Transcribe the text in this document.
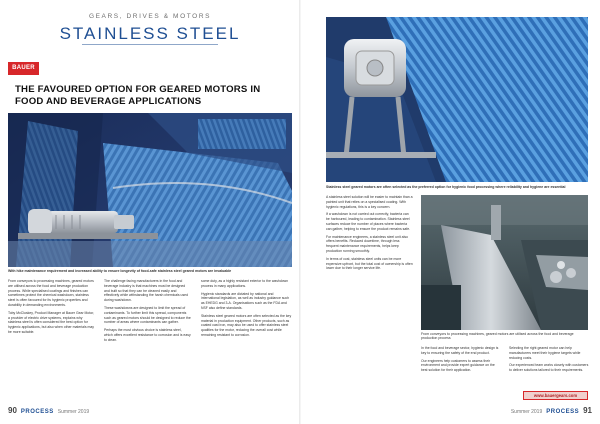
GEARS, DRIVES & MOTORS
STAINLESS STEEL
BAUER
THE FAVOURED OPTION FOR GEARED MOTORS IN FOOD AND BEVERAGE APPLICATIONS
With hike maintenance requirement and increased ability to ensure longevity of food-safe stainless steel geared motors are invaluable

From conveyors to processing machines, geared motors are utilised across the food and beverage production process. While specialised coatings and finishes can sometimes protect the chemical washdown, stainless steel is often favoured for its hygienic properties and durability in demanding environments.

Toby McCluskey, Product Manager at Bauer Gear Motor, a provider of electric drive systems, explains why stainless steel is often considered the best option for hygienic applications, but also when other materials may be more suitable.

The challenge facing manufacturers in the food and beverage industry is that machines must be designed and built so that they can be cleaned easily and effectively while withstanding the harsh chemicals used during washdown.

These washdowns are designed to limit the spread of contaminants. To further limit this spread, components such as geared motors should be designed to reduce the number of areas where contaminants can gather.

Perhaps the most obvious choice is stainless steel, which offers excellent resistance to corrosion and is easy to clean.

some duty, as a highly resistant exterior to the washdown process in many applications.

Hygienic standards are dictated by national and international legislation, as well as industry guidance such as EHEDG and 3-A. Organisations such as the FDA and NSF also define standards.

Stainless steel geared motors are often selected as the key material in production equipment. Other products, such as coated cast iron, may also be used to offer stainless steel qualities for the motor, reducing the overall cost while remaining resistant to corrosion.

90 PROCESS Summer 2019
Stainless steel geared motors are often selected as the preferred option for hygienic food processing where reliability and hygiene are essential

A stainless steel solution will be easier to maintain than a painted unit that relies on a specialised coating. With hygienic regulations, this is a key concern.

If a washdown is not carried out correctly, bacteria can be harboured, leading to contamination. Stainless steel surfaces reduce the number of places where bacteria can gather, helping to ensure the product remains safe.

For maintenance engineers, a stainless steel unit also offers benefits. Reduced downtime, through less frequent maintenance requirements, helps keep production running smoothly.

In terms of cost, stainless steel units can be more expensive upfront, but the total cost of ownership is often lower due to their longer service life.

From conveyors to processing machines, geared motors are utilised across the food and beverage production process

In the food and beverage sector, hygienic design is key to ensuring the safety of the end product.

Our engineers help customers to assess their environment and provide expert guidance on the best solution for their application.

Selecting the right geared motor can help manufacturers meet their hygiene targets while reducing costs.

Our experienced team works closely with customers to deliver solutions tailored to their requirements.

www.bauergears.com
Summer 2019 PROCESS 91
